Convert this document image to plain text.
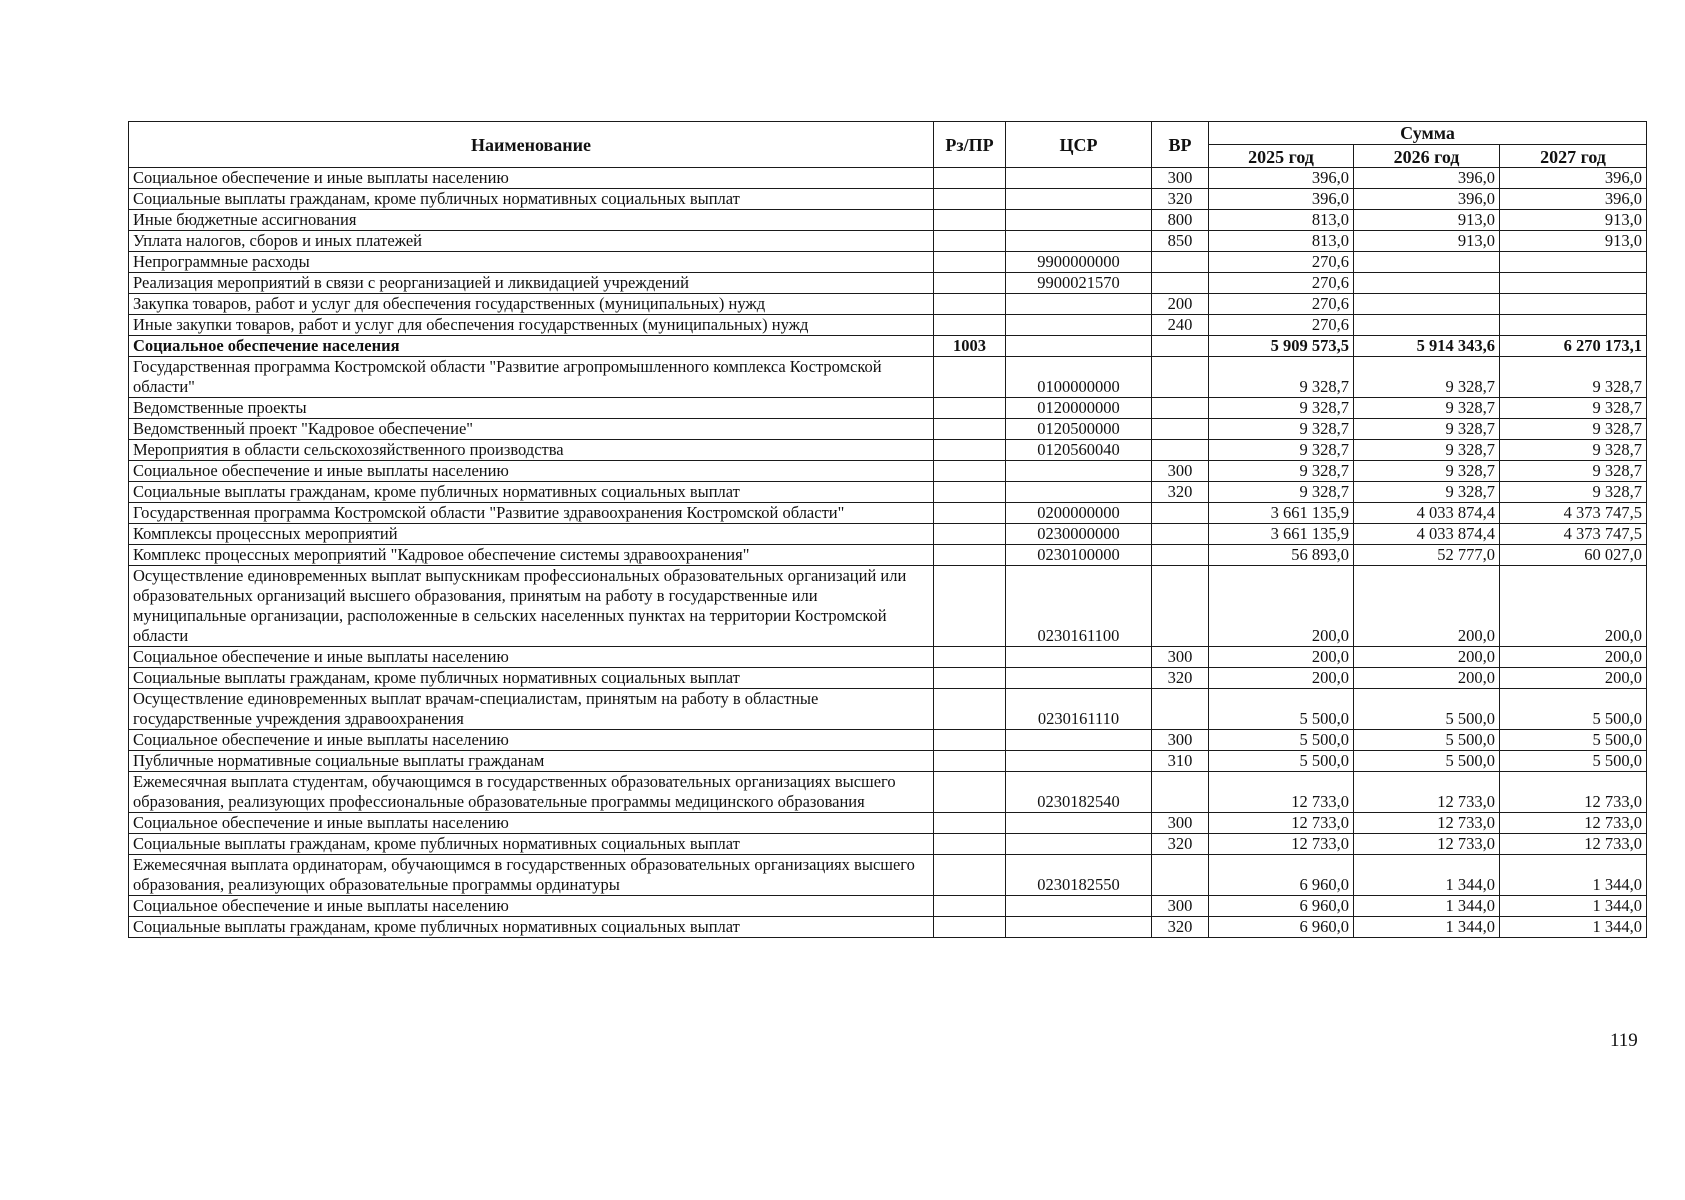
Наименование	Рз/ПР	ЦСР	ВР	Сумма		
				2025 год	2026 год	2027 год
Социальное обеспечение и иные выплаты населению			300	396,0	396,0	396,0
Социальные выплаты гражданам, кроме публичных нормативных социальных выплат			320	396,0	396,0	396,0
Иные бюджетные ассигнования			800	813,0	913,0	913,0
Уплата налогов, сборов и иных платежей			850	813,0	913,0	913,0
Непрограммные расходы		9900000000		270,6		
Реализация мероприятий в связи с реорганизацией и ликвидацией учреждений		9900021570		270,6		
Закупка товаров, работ и услуг для обеспечения государственных (муниципальных) нужд			200	270,6		
Иные закупки товаров, работ и услуг для обеспечения государственных (муниципальных) нужд			240	270,6		
Социальное обеспечение населения	1003			5 909 573,5	5 914 343,6	6 270 173,1
Государственная программа Костромской области "Развитие агропромышленного комплекса Костромской области"		0100000000		9 328,7	9 328,7	9 328,7
Ведомственные проекты		0120000000		9 328,7	9 328,7	9 328,7
Ведомственный проект "Кадровое обеспечение"		0120500000		9 328,7	9 328,7	9 328,7
Мероприятия в области сельскохозяйственного производства		0120560040		9 328,7	9 328,7	9 328,7
Социальное обеспечение и иные выплаты населению			300	9 328,7	9 328,7	9 328,7
Социальные выплаты гражданам, кроме публичных нормативных социальных выплат			320	9 328,7	9 328,7	9 328,7
Государственная программа Костромской области "Развитие здравоохранения Костромской области"		0200000000		3 661 135,9	4 033 874,4	4 373 747,5
Комплексы процессных мероприятий		0230000000		3 661 135,9	4 033 874,4	4 373 747,5
Комплекс процессных мероприятий "Кадровое обеспечение системы здравоохранения"		0230100000		56 893,0	52 777,0	60 027,0
Осуществление единовременных выплат выпускникам профессиональных образовательных организаций или образовательных организаций высшего образования, принятым на работу в государственные или муниципальные организации, расположенные в сельских населенных пунктах на территории Костромской области		0230161100		200,0	200,0	200,0
Социальное обеспечение и иные выплаты населению			300	200,0	200,0	200,0
Социальные выплаты гражданам, кроме публичных нормативных социальных выплат			320	200,0	200,0	200,0
Осуществление единовременных выплат врачам-специалистам, принятым на работу в областные государственные учреждения здравоохранения		0230161110		5 500,0	5 500,0	5 500,0
Социальное обеспечение и иные выплаты населению			300	5 500,0	5 500,0	5 500,0
Публичные нормативные социальные выплаты гражданам			310	5 500,0	5 500,0	5 500,0
Ежемесячная выплата студентам, обучающимся в государственных образовательных организациях высшего образования, реализующих профессиональные образовательные программы медицинского образования		0230182540		12 733,0	12 733,0	12 733,0
Социальное обеспечение и иные выплаты населению			300	12 733,0	12 733,0	12 733,0
Социальные выплаты гражданам, кроме публичных нормативных социальных выплат			320	12 733,0	12 733,0	12 733,0
Ежемесячная выплата ординаторам, обучающимся в государственных образовательных организациях высшего образования, реализующих образовательные программы ординатуры		0230182550		6 960,0	1 344,0	1 344,0
Социальное обеспечение и иные выплаты населению			300	6 960,0	1 344,0	1 344,0
Социальные выплаты гражданам, кроме публичных нормативных социальных выплат			320	6 960,0	1 344,0	1 344,0
119
